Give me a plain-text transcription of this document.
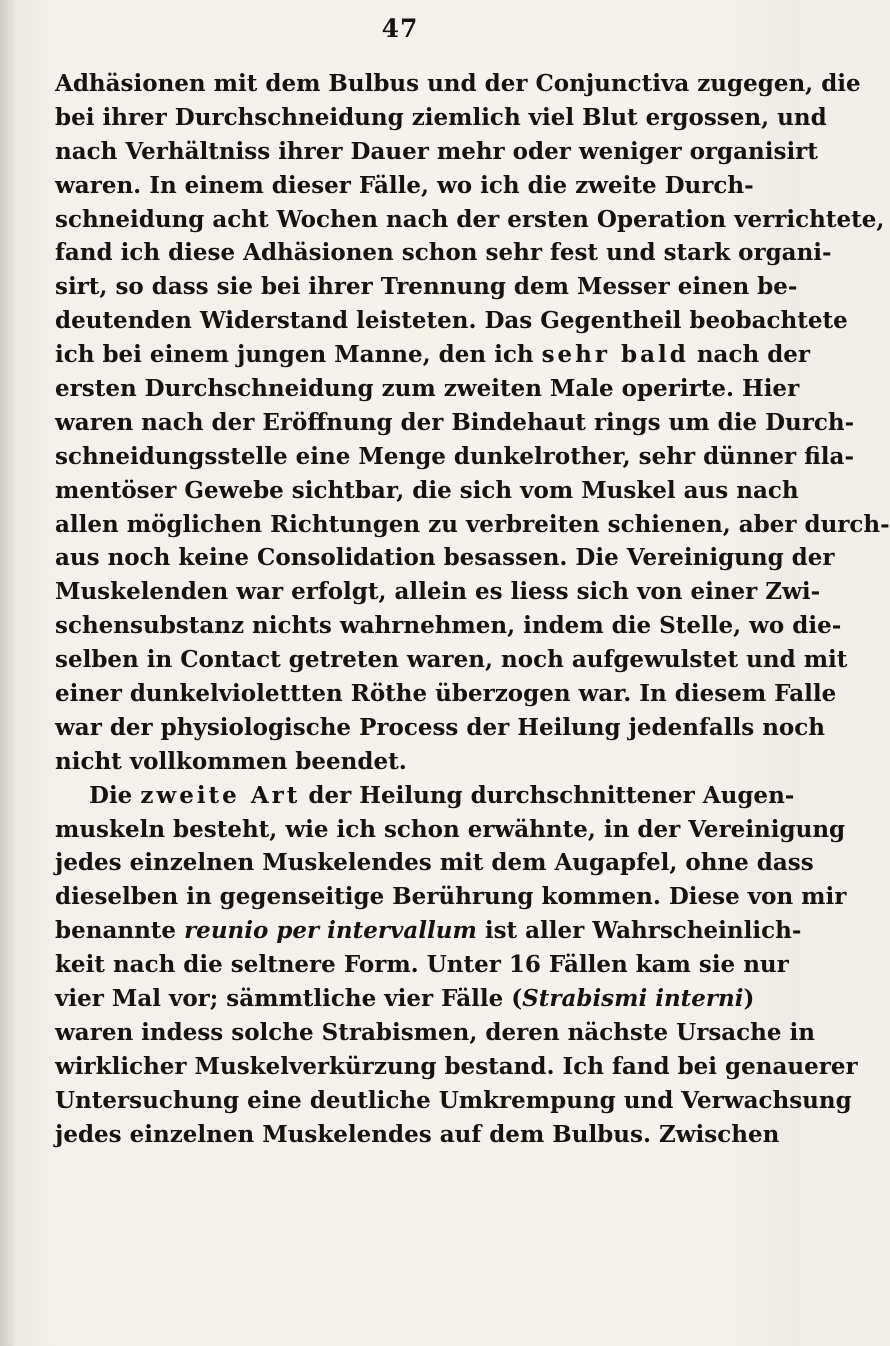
47
Adhäsionen mit dem Bulbus und der Conjunctiva zugegen, die
bei ihrer Durchschneidung ziemlich viel Blut ergossen, und
nach Verhältniss ihrer Dauer mehr oder weniger organisirt
waren. In einem dieser Fälle, wo ich die zweite Durch-
schneidung acht Wochen nach der ersten Operation verrichtete,
fand ich diese Adhäsionen schon sehr fest und stark organi-
sirt, so dass sie bei ihrer Trennung dem Messer einen be-
deutenden Widerstand leisteten. Das Gegentheil beobachtete
ich bei einem jungen Manne, den ich sehr bald nach der
ersten Durchschneidung zum zweiten Male operirte. Hier
waren nach der Eröffnung der Bindehaut rings um die Durch-
schneidungsstelle eine Menge dunkelrother, sehr dünner fila-
mentöser Gewebe sichtbar, die sich vom Muskel aus nach
allen möglichen Richtungen zu verbreiten schienen, aber durch-
aus noch keine Consolidation besassen. Die Vereinigung der
Muskelenden war erfolgt, allein es liess sich von einer Zwi-
schensubstanz nichts wahrnehmen, indem die Stelle, wo die-
selben in Contact getreten waren, noch aufgewulstet und mit
einer dunkelviolettten Röthe überzogen war. In diesem Falle
war der physiologische Process der Heilung jedenfalls noch
nicht vollkommen beendet.
Die zweite Art der Heilung durchschnittener Augen-
muskeln besteht, wie ich schon erwähnte, in der Vereinigung
jedes einzelnen Muskelendes mit dem Augapfel, ohne dass
dieselben in gegenseitige Berührung kommen. Diese von mir
benannte reunio per intervallum ist aller Wahrscheinlich-
keit nach die seltnere Form. Unter 16 Fällen kam sie nur
vier Mal vor; sämmtliche vier Fälle (Strabismi interni)
waren indess solche Strabismen, deren nächste Ursache in
wirklicher Muskelverkürzung bestand. Ich fand bei genauerer
Untersuchung eine deutliche Umkrempung und Verwachsung
jedes einzelnen Muskelendes auf dem Bulbus. Zwischen
